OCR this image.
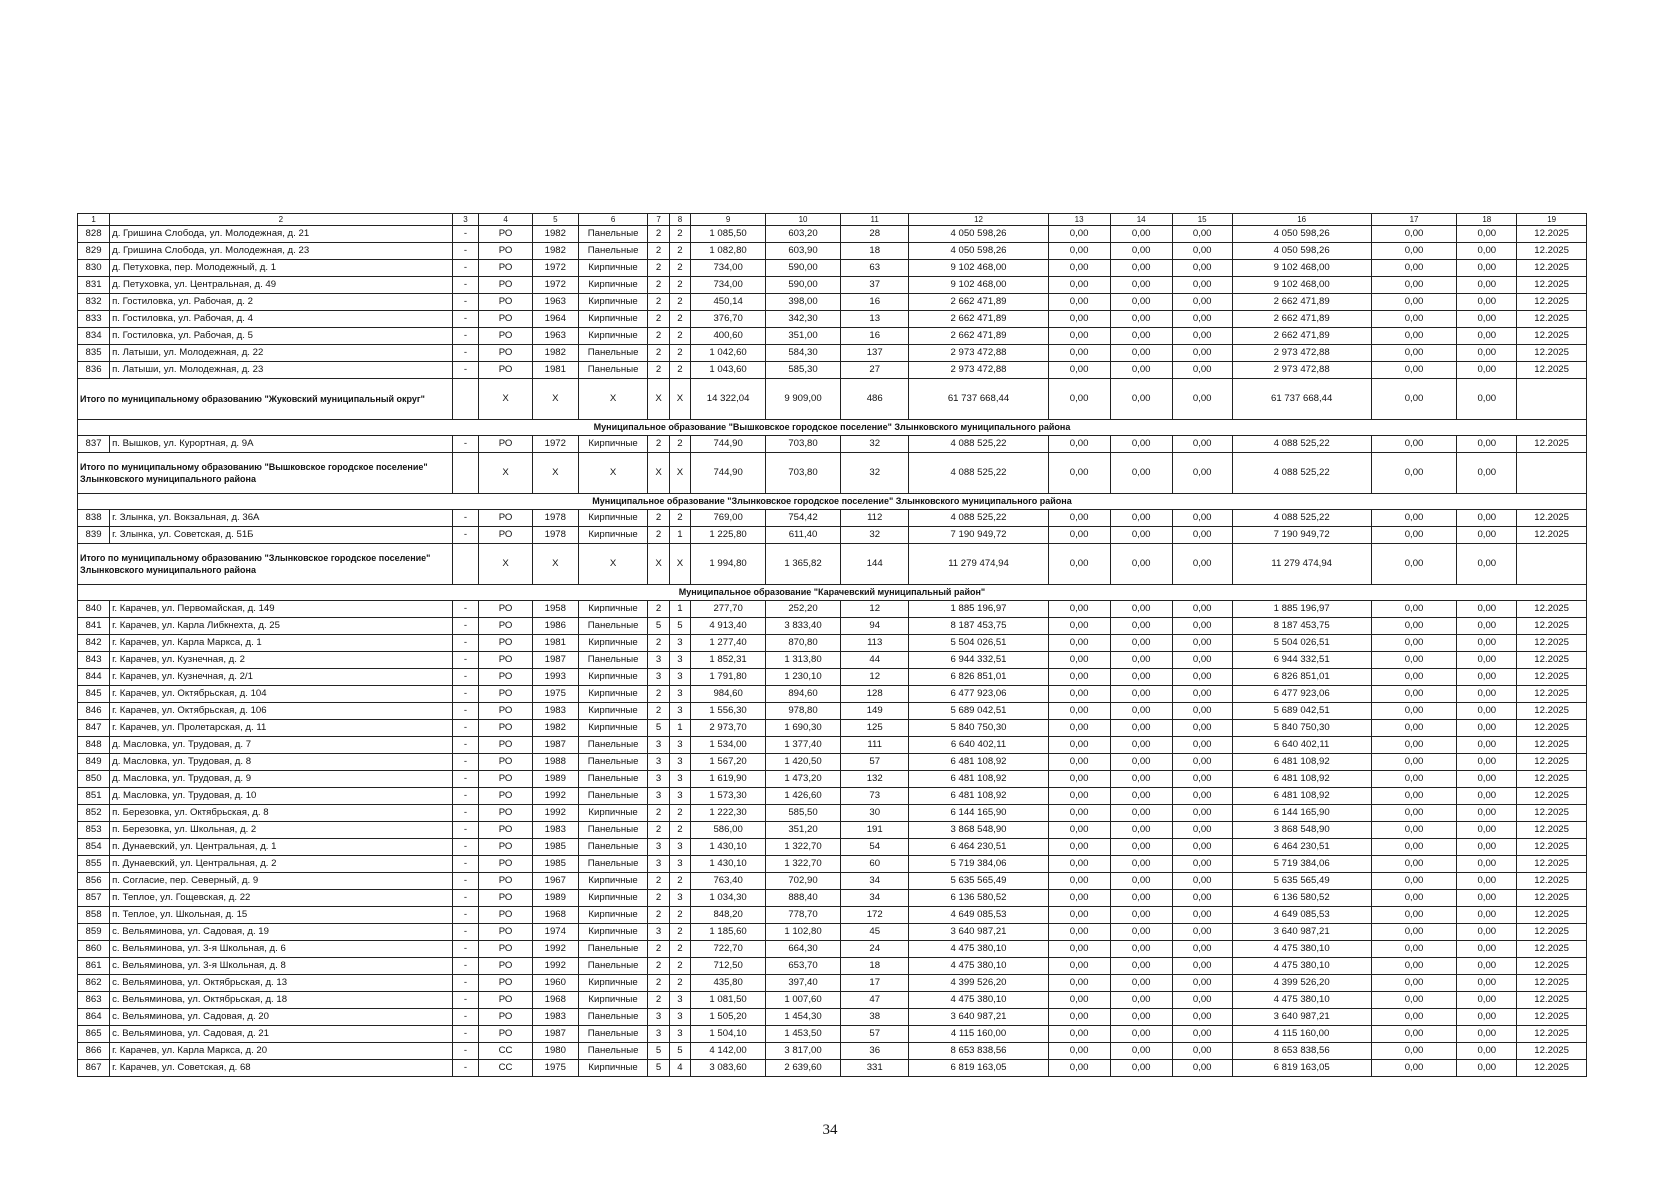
1	2	3	4	5	6	7	8	9	10	11	12	13	14	15	16	17	18	19
828	д. Гришина Слобода, ул. Молодежная, д. 21	-	РО	1982	Панельные	2	2	1 085,50	603,20	28	4 050 598,26	0,00	0,00	0,00	4 050 598,26	0,00	0,00	12.2025
829	д. Гришина Слобода, ул. Молодежная, д. 23	-	РО	1982	Панельные	2	2	1 082,80	603,90	18	4 050 598,26	0,00	0,00	0,00	4 050 598,26	0,00	0,00	12.2025
830	д. Петуховка, пер. Молодежный, д. 1	-	РО	1972	Кирпичные	2	2	734,00	590,00	63	9 102 468,00	0,00	0,00	0,00	9 102 468,00	0,00	0,00	12.2025
831	д. Петуховка, ул. Центральная, д. 49	-	РО	1972	Кирпичные	2	2	734,00	590,00	37	9 102 468,00	0,00	0,00	0,00	9 102 468,00	0,00	0,00	12.2025
832	п. Гостиловка, ул. Рабочая, д. 2	-	РО	1963	Кирпичные	2	2	450,14	398,00	16	2 662 471,89	0,00	0,00	0,00	2 662 471,89	0,00	0,00	12.2025
833	п. Гостиловка, ул. Рабочая, д. 4	-	РО	1964	Кирпичные	2	2	376,70	342,30	13	2 662 471,89	0,00	0,00	0,00	2 662 471,89	0,00	0,00	12.2025
834	п. Гостиловка, ул. Рабочая, д. 5	-	РО	1963	Кирпичные	2	2	400,60	351,00	16	2 662 471,89	0,00	0,00	0,00	2 662 471,89	0,00	0,00	12.2025
835	п. Латыши, ул. Молодежная, д. 22	-	РО	1982	Панельные	2	2	1 042,60	584,30	137	2 973 472,88	0,00	0,00	0,00	2 973 472,88	0,00	0,00	12.2025
836	п. Латыши, ул. Молодежная, д. 23	-	РО	1981	Панельные	2	2	1 043,60	585,30	27	2 973 472,88	0,00	0,00	0,00	2 973 472,88	0,00	0,00	12.2025
Итого по муниципальному образованию "Жуковский муниципальный округ"			X	X	X	X	X	14 322,04	9 909,00	486	61 737 668,44	0,00	0,00	0,00	61 737 668,44	0,00	0,00	
Муниципальное образование "Вышковское городское поселение" Злынковского муниципального района																		
837	п. Вышков, ул. Курортная, д. 9А	-	РО	1972	Кирпичные	2	2	744,90	703,80	32	4 088 525,22	0,00	0,00	0,00	4 088 525,22	0,00	0,00	12.2025
Итого по муниципальному образованию "Вышковское городское поселение" Злынковского муниципального района			X	X	X	X	X	744,90	703,80	32	4 088 525,22	0,00	0,00	0,00	4 088 525,22	0,00	0,00	
Муниципальное образование "Злынковское городское поселение" Злынковского муниципального района																		
838	г. Злынка, ул. Вокзальная, д. 36А	-	РО	1978	Кирпичные	2	2	769,00	754,42	112	4 088 525,22	0,00	0,00	0,00	4 088 525,22	0,00	0,00	12.2025
839	г. Злынка, ул. Советская, д. 51Б	-	РО	1978	Кирпичные	2	1	1 225,80	611,40	32	7 190 949,72	0,00	0,00	0,00	7 190 949,72	0,00	0,00	12.2025
Итого по муниципальному образованию "Злынковское городское поселение" Злынковского муниципального района			X	X	X	X	X	1 994,80	1 365,82	144	11 279 474,94	0,00	0,00	0,00	11 279 474,94	0,00	0,00	
Муниципальное образование "Карачевский муниципальный район"																		
840	г. Карачев, ул. Первомайская, д. 149	-	РО	1958	Кирпичные	2	1	277,70	252,20	12	1 885 196,97	0,00	0,00	0,00	1 885 196,97	0,00	0,00	12.2025
841	г. Карачев, ул. Карла Либкнехта, д. 25	-	РО	1986	Панельные	5	5	4 913,40	3 833,40	94	8 187 453,75	0,00	0,00	0,00	8 187 453,75	0,00	0,00	12.2025
842	г. Карачев, ул. Карла Маркса, д. 1	-	РО	1981	Кирпичные	2	3	1 277,40	870,80	113	5 504 026,51	0,00	0,00	0,00	5 504 026,51	0,00	0,00	12.2025
843	г. Карачев, ул. Кузнечная, д. 2	-	РО	1987	Панельные	3	3	1 852,31	1 313,80	44	6 944 332,51	0,00	0,00	0,00	6 944 332,51	0,00	0,00	12.2025
844	г. Карачев, ул. Кузнечная, д. 2/1	-	РО	1993	Кирпичные	3	3	1 791,80	1 230,10	12	6 826 851,01	0,00	0,00	0,00	6 826 851,01	0,00	0,00	12.2025
845	г. Карачев, ул. Октябрьская, д. 104	-	РО	1975	Кирпичные	2	3	984,60	894,60	128	6 477 923,06	0,00	0,00	0,00	6 477 923,06	0,00	0,00	12.2025
846	г. Карачев, ул. Октябрьская, д. 106	-	РО	1983	Кирпичные	2	3	1 556,30	978,80	149	5 689 042,51	0,00	0,00	0,00	5 689 042,51	0,00	0,00	12.2025
847	г. Карачев, ул. Пролетарская, д. 11	-	РО	1982	Кирпичные	5	1	2 973,70	1 690,30	125	5 840 750,30	0,00	0,00	0,00	5 840 750,30	0,00	0,00	12.2025
848	д. Масловка, ул. Трудовая, д. 7	-	РО	1987	Панельные	3	3	1 534,00	1 377,40	111	6 640 402,11	0,00	0,00	0,00	6 640 402,11	0,00	0,00	12.2025
849	д. Масловка, ул. Трудовая, д. 8	-	РО	1988	Панельные	3	3	1 567,20	1 420,50	57	6 481 108,92	0,00	0,00	0,00	6 481 108,92	0,00	0,00	12.2025
850	д. Масловка, ул. Трудовая, д. 9	-	РО	1989	Панельные	3	3	1 619,90	1 473,20	132	6 481 108,92	0,00	0,00	0,00	6 481 108,92	0,00	0,00	12.2025
851	д. Масловка, ул. Трудовая, д. 10	-	РО	1992	Панельные	3	3	1 573,30	1 426,60	73	6 481 108,92	0,00	0,00	0,00	6 481 108,92	0,00	0,00	12.2025
852	п. Березовка, ул. Октябрьская, д. 8	-	РО	1992	Кирпичные	2	2	1 222,30	585,50	30	6 144 165,90	0,00	0,00	0,00	6 144 165,90	0,00	0,00	12.2025
853	п. Березовка, ул. Школьная, д. 2	-	РО	1983	Панельные	2	2	586,00	351,20	191	3 868 548,90	0,00	0,00	0,00	3 868 548,90	0,00	0,00	12.2025
854	п. Дунаевский, ул. Центральная, д. 1	-	РО	1985	Панельные	3	3	1 430,10	1 322,70	54	6 464 230,51	0,00	0,00	0,00	6 464 230,51	0,00	0,00	12.2025
855	п. Дунаевский, ул. Центральная, д. 2	-	РО	1985	Панельные	3	3	1 430,10	1 322,70	60	5 719 384,06	0,00	0,00	0,00	5 719 384,06	0,00	0,00	12.2025
856	п. Согласие, пер. Северный, д. 9	-	РО	1967	Кирпичные	2	2	763,40	702,90	34	5 635 565,49	0,00	0,00	0,00	5 635 565,49	0,00	0,00	12.2025
857	п. Теплое, ул. Гощевская, д. 22	-	РО	1989	Кирпичные	2	3	1 034,30	888,40	34	6 136 580,52	0,00	0,00	0,00	6 136 580,52	0,00	0,00	12.2025
858	п. Теплое, ул. Школьная, д. 15	-	РО	1968	Кирпичные	2	2	848,20	778,70	172	4 649 085,53	0,00	0,00	0,00	4 649 085,53	0,00	0,00	12.2025
859	с. Вельяминова, ул. Садовая, д. 19	-	РО	1974	Кирпичные	3	2	1 185,60	1 102,80	45	3 640 987,21	0,00	0,00	0,00	3 640 987,21	0,00	0,00	12.2025
860	с. Вельяминова, ул. 3-я Школьная, д. 6	-	РО	1992	Панельные	2	2	722,70	664,30	24	4 475 380,10	0,00	0,00	0,00	4 475 380,10	0,00	0,00	12.2025
861	с. Вельяминова, ул. 3-я Школьная, д. 8	-	РО	1992	Панельные	2	2	712,50	653,70	18	4 475 380,10	0,00	0,00	0,00	4 475 380,10	0,00	0,00	12.2025
862	с. Вельяминова, ул. Октябрьская, д. 13	-	РО	1960	Кирпичные	2	2	435,80	397,40	17	4 399 526,20	0,00	0,00	0,00	4 399 526,20	0,00	0,00	12.2025
863	с. Вельяминова, ул. Октябрьская, д. 18	-	РО	1968	Кирпичные	2	3	1 081,50	1 007,60	47	4 475 380,10	0,00	0,00	0,00	4 475 380,10	0,00	0,00	12.2025
864	с. Вельяминова, ул. Садовая, д. 20	-	РО	1983	Панельные	3	3	1 505,20	1 454,30	38	3 640 987,21	0,00	0,00	0,00	3 640 987,21	0,00	0,00	12.2025
865	с. Вельяминова, ул. Садовая, д. 21	-	РО	1987	Панельные	3	3	1 504,10	1 453,50	57	4 115 160,00	0,00	0,00	0,00	4 115 160,00	0,00	0,00	12.2025
866	г. Карачев, ул. Карла Маркса, д. 20	-	СС	1980	Панельные	5	5	4 142,00	3 817,00	36	8 653 838,56	0,00	0,00	0,00	8 653 838,56	0,00	0,00	12.2025
867	г. Карачев, ул. Советская, д. 68	-	СС	1975	Кирпичные	5	4	3 083,60	2 639,60	331	6 819 163,05	0,00	0,00	0,00	6 819 163,05	0,00	0,00	12.2025
34
